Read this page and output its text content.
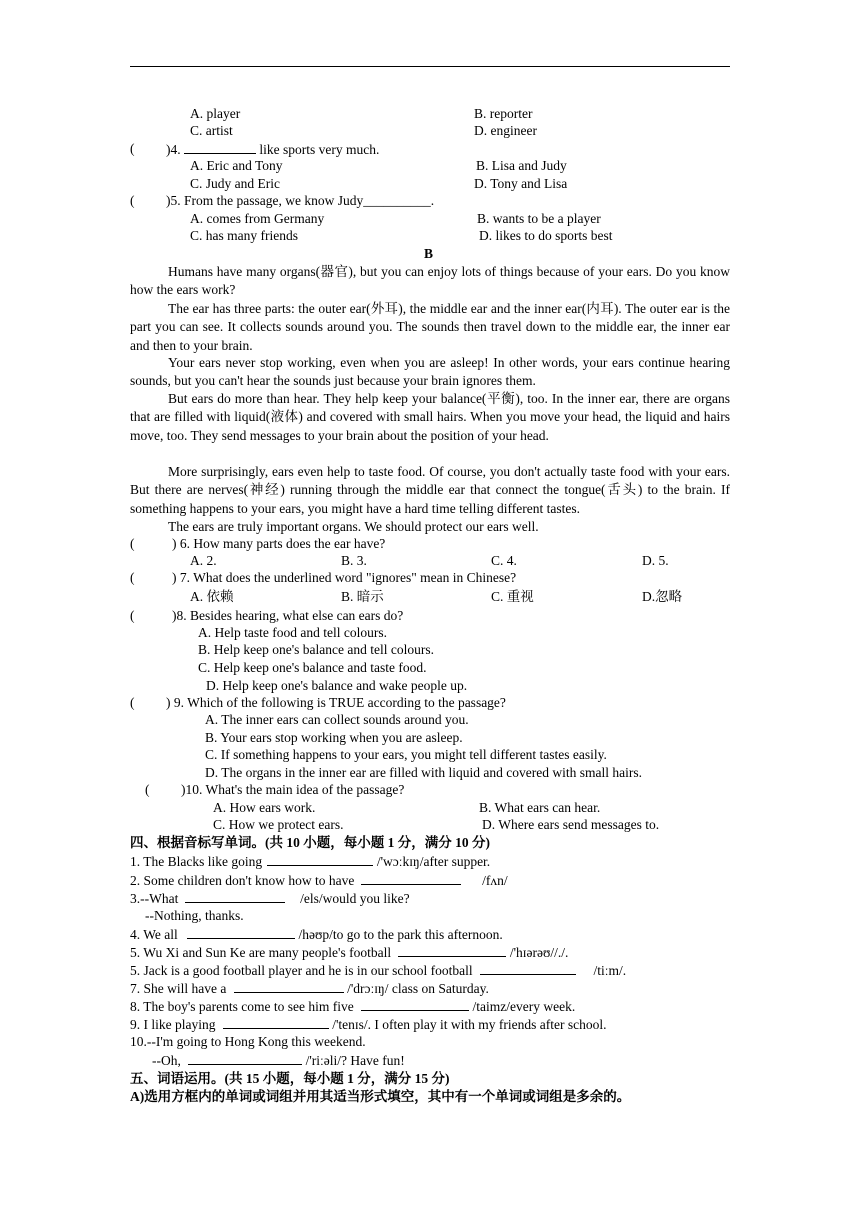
A. player	B. reporter
C. artist	D. engineer
( )4.	like sports very much.
A. Eric and Tony	B. Lisa and Judy
C. Judy and Eric	D. Tony and Lisa
( )5. From the passage, we know Judy__________.
A. comes from Germany	B. wants to be a player
C. has many friends	D. likes to do sports best
B
Humans have many organs(器官), but you can enjoy lots of things because of your ears. Do you know how the ears work?
The ear has three parts: the outer ear(外耳), the middle ear and the inner ear(内耳). The outer ear is the part you can see. It collects sounds around you. The sounds then travel down to the middle ear, the inner ear and then to your brain.
Your ears never stop working, even when you are asleep! In other words, your ears continue hearing sounds, but you can't hear the sounds just because your brain ignores them.
But ears do more than hear. They help keep your balance(平衡), too. In the inner ear, there are organs that are filled with liquid(液体) and covered with small hairs. When you move your head, the liquid and hairs move, too. They send messages to your brain about the position of your head.
More surprisingly, ears even help to taste food. Of course, you don't actually taste food with your ears. But there are nerves(神经) running through the middle ear that connect the tongue(舌头) to the brain. If something happens to your ears, you might have a hard time telling different tastes.
The ears are truly important organs. We should protect our ears well.
(	) 6. How many parts does the ear have?
A. 2.	B. 3.	C. 4.	D. 5.
(	) 7. What does the underlined word "ignores" mean in Chinese?
A. 依赖	B. 暗示	C. 重视	D.忽略
(	)8. Besides hearing, what else can ears do?
A. Help taste food and tell colours.
B. Help keep one's balance and tell colours.
C. Help keep one's balance and taste food.
D. Help keep one's balance and wake people up.
( ) 9. Which of the following is TRUE according to the passage?
A. The inner ears can collect sounds around you.
B. Your ears stop working when you are asleep.
C. If something happens to your ears, you might tell different tastes easily.
D. The organs in the inner ear are filled with liquid and covered with small hairs.
( )10. What's the main idea of the passage?
A. How ears work.	B. What ears can hear.
C. How we protect ears.	D. Where ears send messages to.
四、根据音标写单词。(共 10 小题，每小题 1 分，满分 10 分)
1. The Blacks like going	/'wɔːkɪŋ/after supper.
2. Some children don't know how to have	/fʌn/
3.--What	/els/would you like?
--Nothing, thanks.
4. We all	/həʊp/to go to the park this afternoon.
5. Wu Xi and Sun Ke are many people's football	/'hɪərəʊ//./.
5. Jack is a good football player and he is in our school football	/tiːm/.
7. She will have a	/'drɔːɪŋ/ class on Saturday.
8. The boy's parents come to see him five	/taimz/every week.
9. I like playing	/'tenɪs/. I often play it with my friends after school.
10.--I'm going to Hong Kong this weekend.
--Oh,	/'riːəli/? Have fun!
五、词语运用。(共 15 小题，每小题 1 分，满分 15 分)
A)选用方框内的单词或词组并用其适当形式填空，其中有一个单词或词组是多余的。
